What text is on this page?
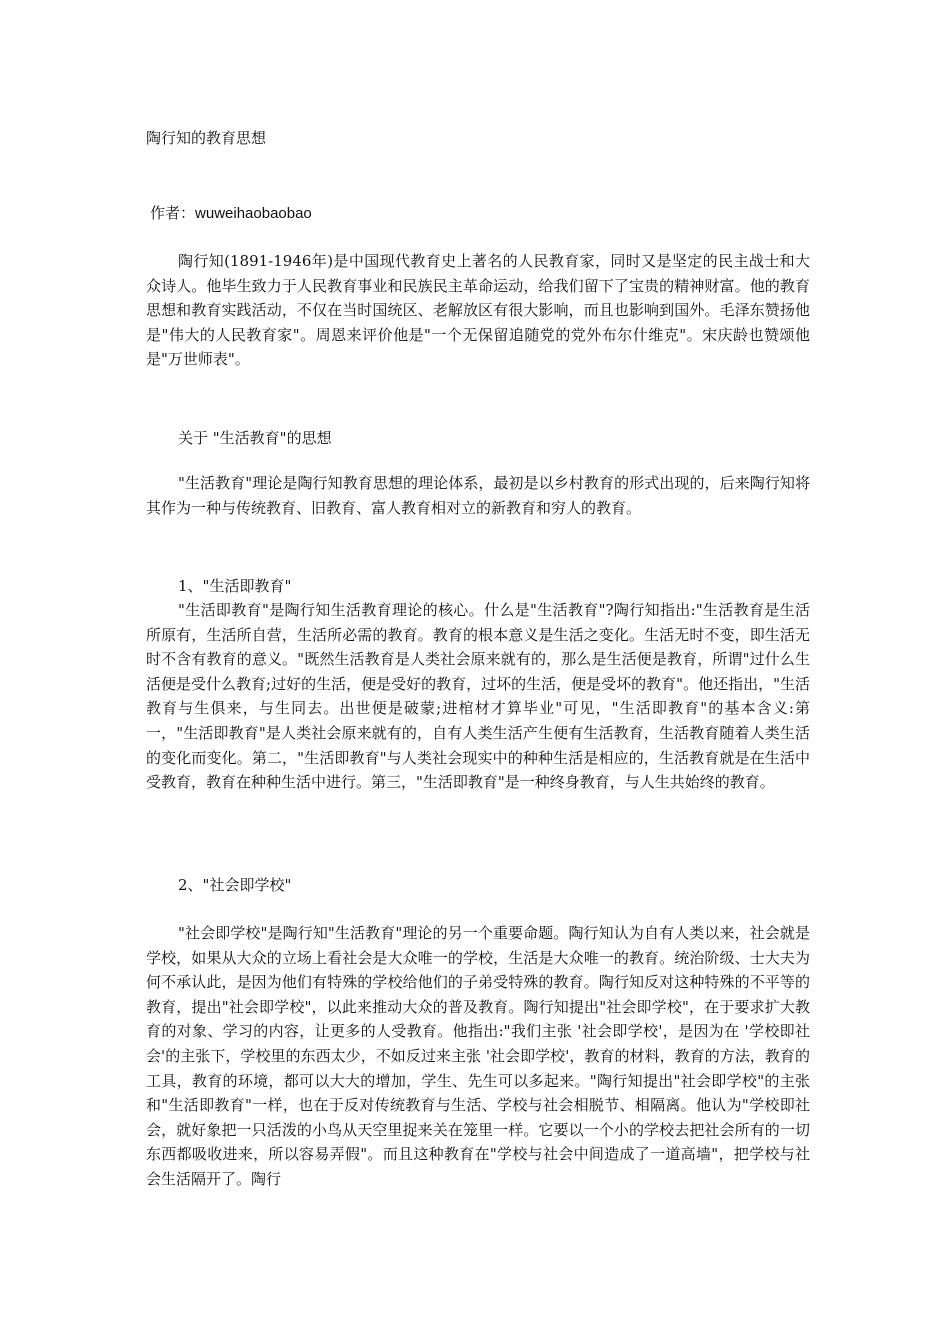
陶行知的教育思想
作者：wuweihaobaobao

陶行知(1891-1946年)是中国现代教育史上著名的人民教育家，同时又是坚定的民主战士和大众诗人。他毕生致力于人民教育事业和民族民主革命运动，给我们留下了宝贵的精神财富。他的教育思想和教育实践活动，不仅在当时国统区、老解放区有很大影响，而且也影响到国外。毛泽东赞扬他是"伟大的人民教育家"。周恩来评价他是"一个无保留追随党的党外布尔什维克"。宋庆龄也赞颂他是"万世师表"。

关于 "生活教育"的思想

"生活教育"理论是陶行知教育思想的理论体系，最初是以乡村教育的形式出现的，后来陶行知将其作为一种与传统教育、旧教育、富人教育相对立的新教育和穷人的教育。

1、"生活即教育"

"生活即教育"是陶行知生活教育理论的核心。什么是"生活教育"?陶行知指出:"生活教育是生活所原有，生活所自营，生活所必需的教育。教育的根本意义是生活之变化。生活无时不变，即生活无时不含有教育的意义。"既然生活教育是人类社会原来就有的，那么是生活便是教育，所谓"过什么生活便是受什么教育;过好的生活，便是受好的教育，过坏的生活，便是受坏的教育"。他还指出，"生活教育与生俱来，与生同去。出世便是破蒙;进棺材才算毕业"可见，"生活即教育"的基本含义:第一，"生活即教育"是人类社会原来就有的，自有人类生活产生便有生活教育，生活教育随着人类生活的变化而变化。第二，"生活即教育"与人类社会现实中的种种生活是相应的，生活教育就是在生活中受教育，教育在种种生活中进行。第三，"生活即教育"是一种终身教育，与人生共始终的教育。

2、"社会即学校"

"社会即学校"是陶行知"生活教育"理论的另一个重要命题。陶行知认为自有人类以来，社会就是学校，如果从大众的立场上看社会是大众唯一的学校，生活是大众唯一的教育。统治阶级、士大夫为何不承认此，是因为他们有特殊的学校给他们的子弟受特殊的教育。陶行知反对这种特殊的不平等的教育，提出"社会即学校"，以此来推动大众的普及教育。陶行知提出"社会即学校"，在于要求扩大教育的对象、学习的内容，让更多的人受教育。他指出:"我们主张 '社会即学校'，是因为在 '学校即社会'的主张下，学校里的东西太少，不如反过来主张 '社会即学校'，教育的材料，教育的方法，教育的工具，教育的环境，都可以大大的增加，学生、先生可以多起来。"陶行知提出"社会即学校"的主张和"生活即教育"一样，也在于反对传统教育与生活、学校与社会相脱节、相隔离。他认为"学校即社会，就好象把一只活泼的小鸟从天空里捉来关在笼里一样。它要以一个小的学校去把社会所有的一切东西都吸收进来，所以容易弄假"。而且这种教育在"学校与社会中间造成了一道高墙"，把学校与社会生活隔开了。陶行
